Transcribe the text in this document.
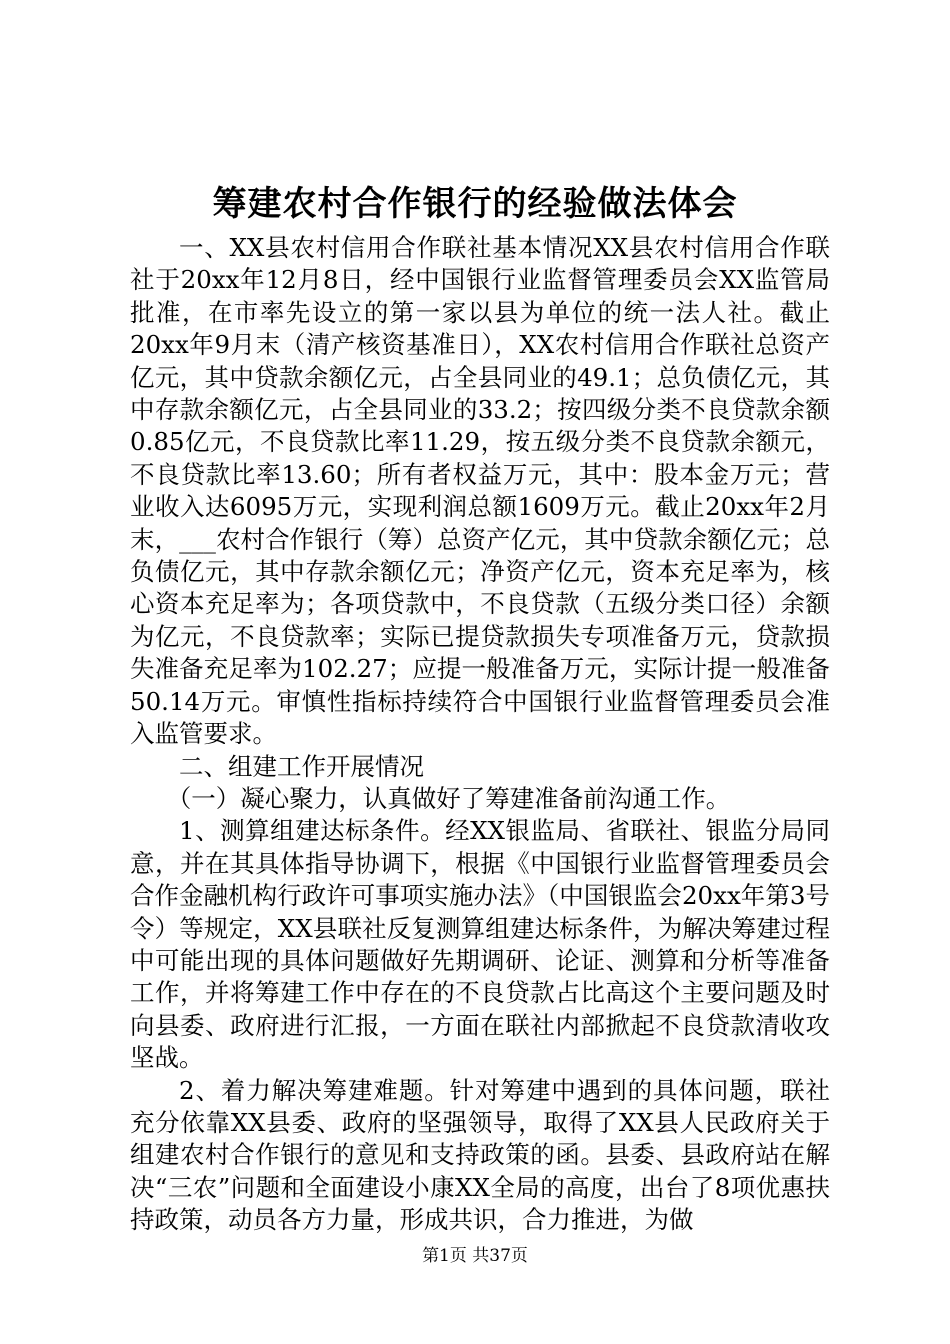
筹建农村合作银行的经验做法体会

一、XX县农村信用合作联社基本情况XX县农村信用合作联社于20xx年12月8日，经中国银行业监督管理委员会XX监管局批准，在市率先设立的第一家以县为单位的统一法人社。截止20xx年9月末（清产核资基准日），XX农村信用合作联社总资产亿元，其中贷款余额亿元，占全县同业的49.1；总负债亿元，其中存款余额亿元，占全县同业的33.2；按四级分类不良贷款余额0.85亿元，不良贷款比率11.29，按五级分类不良贷款余额元，不良贷款比率13.60；所有者权益万元，其中：股本金万元；营业收入达6095万元，实现利润总额1609万元。截止20xx年2月末，___农村合作银行（筹）总资产亿元，其中贷款余额亿元；总负债亿元，其中存款余额亿元；净资产亿元，资本充足率为，核心资本充足率为；各项贷款中，不良贷款（五级分类口径）余额为亿元，不良贷款率；实际已提贷款损失专项准备万元，贷款损失准备充足率为102.27；应提一般准备万元，实际计提一般准备50.14万元。审慎性指标持续符合中国银行业监督管理委员会准入监管要求。

二、组建工作开展情况

（一）凝心聚力，认真做好了筹建准备前沟通工作。

1、测算组建达标条件。经XX银监局、省联社、银监分局同意，并在其具体指导协调下，根据《中国银行业监督管理委员会合作金融机构行政许可事项实施办法》（中国银监会20xx年第3号令）等规定，XX县联社反复测算组建达标条件，为解决筹建过程中可能出现的具体问题做好先期调研、论证、测算和分析等准备工作，并将筹建工作中存在的不良贷款占比高这个主要问题及时向县委、政府进行汇报，一方面在联社内部掀起不良贷款清收攻坚战。

2、着力解决筹建难题。针对筹建中遇到的具体问题，联社充分依靠XX县委、政府的坚强领导，取得了XX县人民政府关于组建农村合作银行的意见和支持政策的函。县委、县政府站在解决“三农”问题和全面建设小康XX全局的高度，出台了8项优惠扶持政策，动员各方力量，形成共识，合力推进，为做

第1页 共37页
